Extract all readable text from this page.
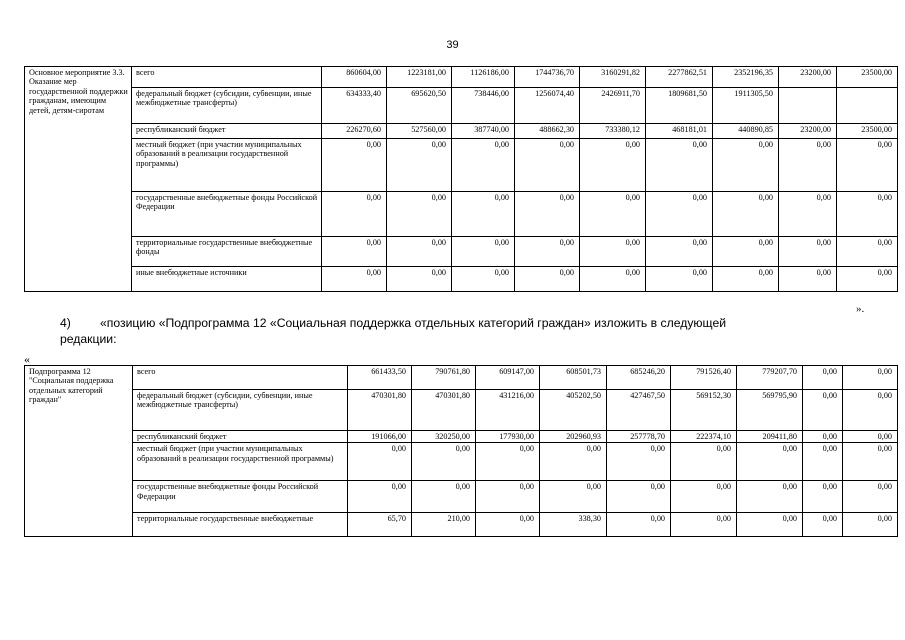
39
Основное мероприятие 3.3. Оказание мер государственной поддержки гражданам, имеющим детей, детям-сиротам	всего	860604,00	1223181,00	1126186,00	1744736,70	3160291,82	2277862,51	2352196,35	23200,00	23500,00
	федеральный бюджет (субсидии, субвенции, иные межбюджетные трансферты)	634333,40	695620,50	738446,00	1256074,40	2426911,70	1809681,50	1911305,50		
	республиканский бюджет	226270,60	527560,00	387740,00	488662,30	733380,12	468181,01	440890,85	23200,00	23500,00
	местный бюджет (при участии муниципальных образований в реализации государственной программы)	0,00	0,00	0,00	0,00	0,00	0,00	0,00	0,00	0,00
	государственные внебюджетные фонды Российской Федерации	0,00	0,00	0,00	0,00	0,00	0,00	0,00	0,00	0,00
	территориальные государственные внебюджетные фонды	0,00	0,00	0,00	0,00	0,00	0,00	0,00	0,00	0,00
	иные внебюджетные источники	0,00	0,00	0,00	0,00	0,00	0,00	0,00	0,00	0,00
».
4) «позицию «Подпрограмма 12 «Социальная поддержка отдельных категорий граждан» изложить в следующей
редакции:
«
Подпрограмма 12 "Социальная поддержка отдельных категорий граждан"	всего	661433,50	790761,80	609147,00	608501,73	685246,20	791526,40	779207,70	0,00	0,00
	федеральный бюджет (субсидии, субвенции, иные межбюджетные трансферты)	470301,80	470301,80	431216,00	405202,50	427467,50	569152,30	569795,90	0,00	0,00
	республиканский бюджет	191066,00	320250,00	177930,00	202960,93	257778,70	222374,10	209411,80	0,00	0,00
	местный бюджет (при участии муниципальных образований в реализации государственной программы)	0,00	0,00	0,00	0,00	0,00	0,00	0,00	0,00	0,00
	государственные внебюджетные фонды Российской Федерации	0,00	0,00	0,00	0,00	0,00	0,00	0,00	0,00	0,00
	территориальные государственные внебюджетные	65,70	210,00	0,00	338,30	0,00	0,00	0,00	0,00	0,00
